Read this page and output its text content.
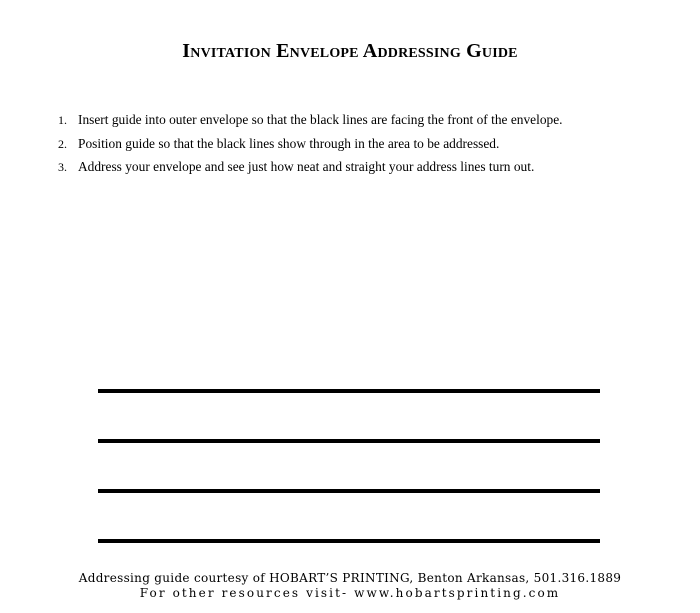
Invitation Envelope Addressing Guide
1. Insert guide into outer envelope so that the black lines are facing the front of the envelope.
2. Position guide so that the black lines show through in the area to be addressed.
3. Address your envelope and see just how neat and straight your address lines turn out.
Addressing guide courtesy of HOBART’S PRINTING, Benton Arkansas, 501.316.1889
For other resources visit- www.hobartsprinting.com
